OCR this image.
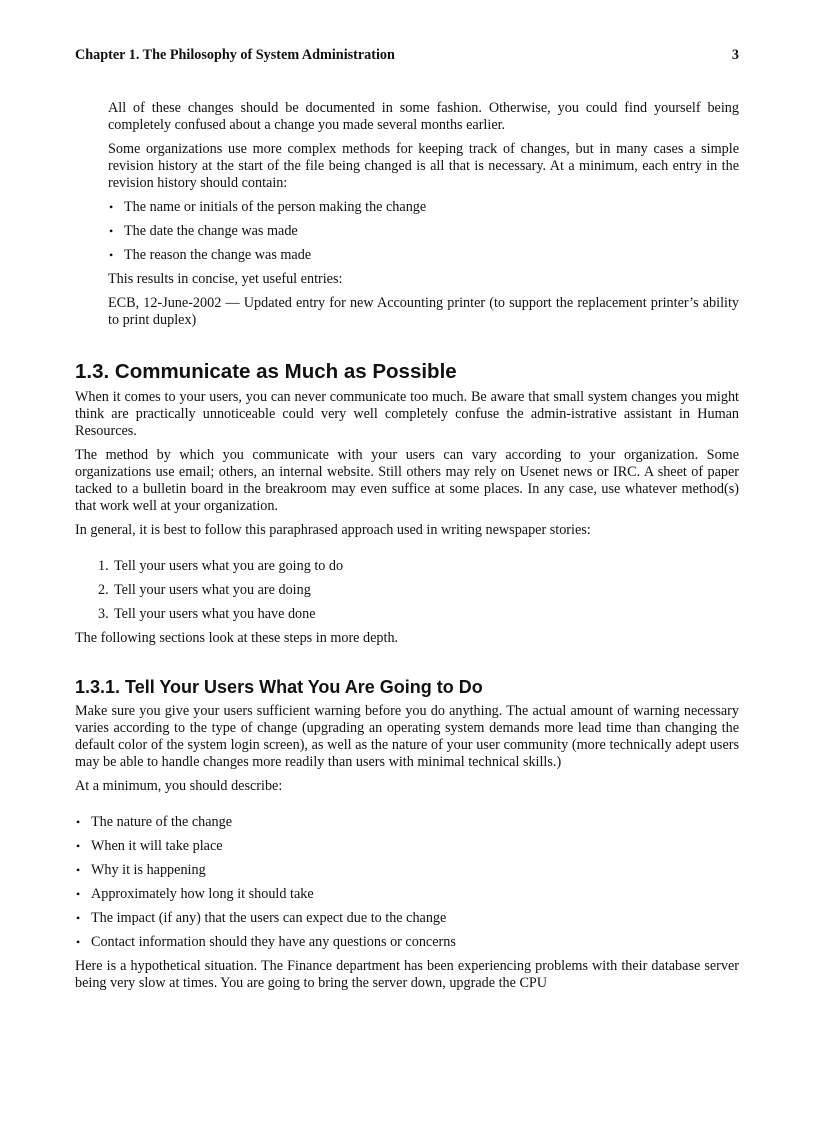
Chapter 1. The Philosophy of System Administration	3

All of these changes should be documented in some fashion. Otherwise, you could find yourself being completely confused about a change you made several months earlier.

Some organizations use more complex methods for keeping track of changes, but in many cases a simple revision history at the start of the file being changed is all that is necessary. At a minimum, each entry in the revision history should contain:

• The name or initials of the person making the change
• The date the change was made
• The reason the change was made

This results in concise, yet useful entries:

ECB, 12-June-2002 — Updated entry for new Accounting printer (to support the replacement printer’s ability to print duplex)

1.3. Communicate as Much as Possible

When it comes to your users, you can never communicate too much. Be aware that small system changes you might think are practically unnoticeable could very well completely confuse the admin-istrative assistant in Human Resources.

The method by which you communicate with your users can vary according to your organization. Some organizations use email; others, an internal website. Still others may rely on Usenet news or IRC. A sheet of paper tacked to a bulletin board in the breakroom may even suffice at some places. In any case, use whatever method(s) that work well at your organization.

In general, it is best to follow this paraphrased approach used in writing newspaper stories:

1. Tell your users what you are going to do
2. Tell your users what you are doing
3. Tell your users what you have done

The following sections look at these steps in more depth.

1.3.1. Tell Your Users What You Are Going to Do

Make sure you give your users sufficient warning before you do anything. The actual amount of warning necessary varies according to the type of change (upgrading an operating system demands more lead time than changing the default color of the system login screen), as well as the nature of your user community (more technically adept users may be able to handle changes more readily than users with minimal technical skills.)

At a minimum, you should describe:

• The nature of the change
• When it will take place
• Why it is happening
• Approximately how long it should take
• The impact (if any) that the users can expect due to the change
• Contact information should they have any questions or concerns

Here is a hypothetical situation. The Finance department has been experiencing problems with their database server being very slow at times. You are going to bring the server down, upgrade the CPU
